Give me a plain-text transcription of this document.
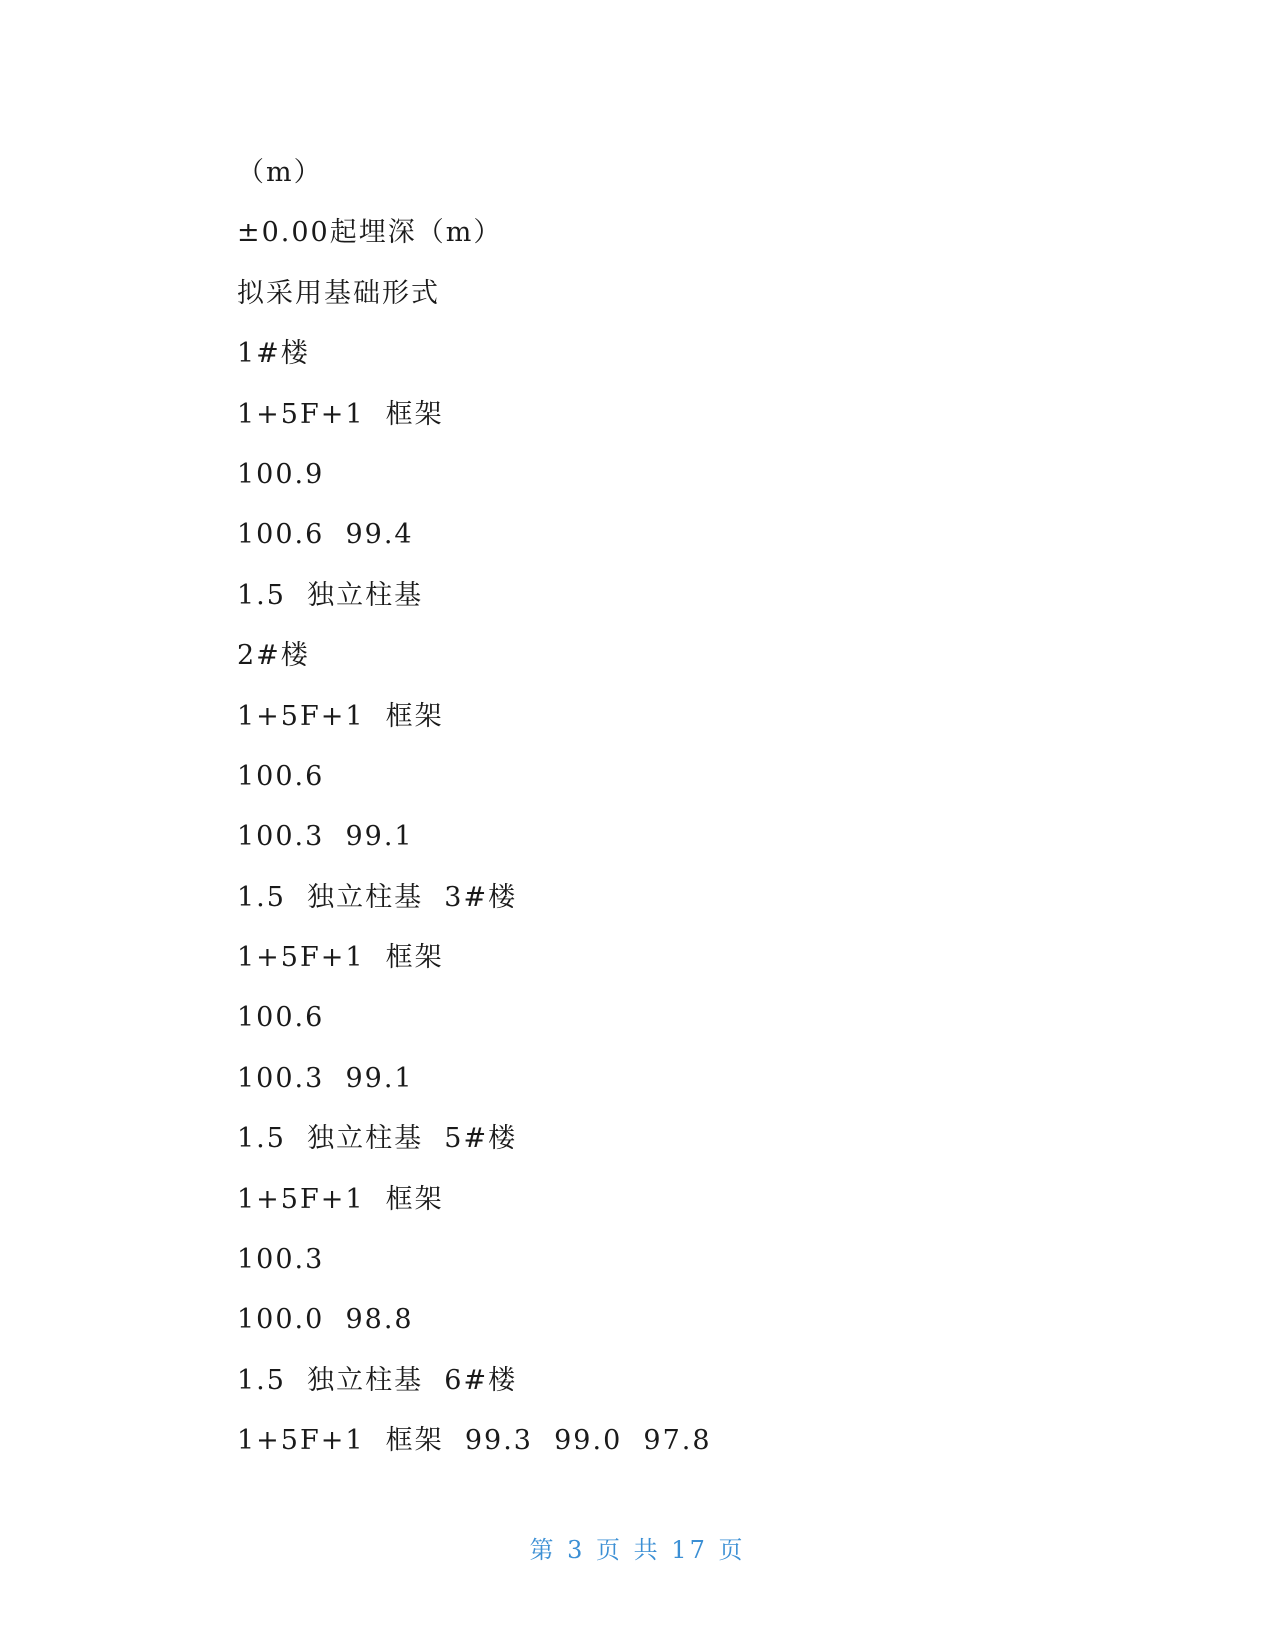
（m）
±0.00起埋深（m）
拟采用基础形式
1#楼
1+5F+1  框架
100.9
100.6  99.4
1.5  独立柱基
2#楼
1+5F+1  框架
100.6
100.3  99.1
1.5  独立柱基  3#楼
1+5F+1  框架
100.6
100.3  99.1
1.5  独立柱基  5#楼
1+5F+1  框架
100.3
100.0  98.8
1.5  独立柱基  6#楼
1+5F+1  框架  99.3  99.0  97.8
第 3 页 共 17 页
